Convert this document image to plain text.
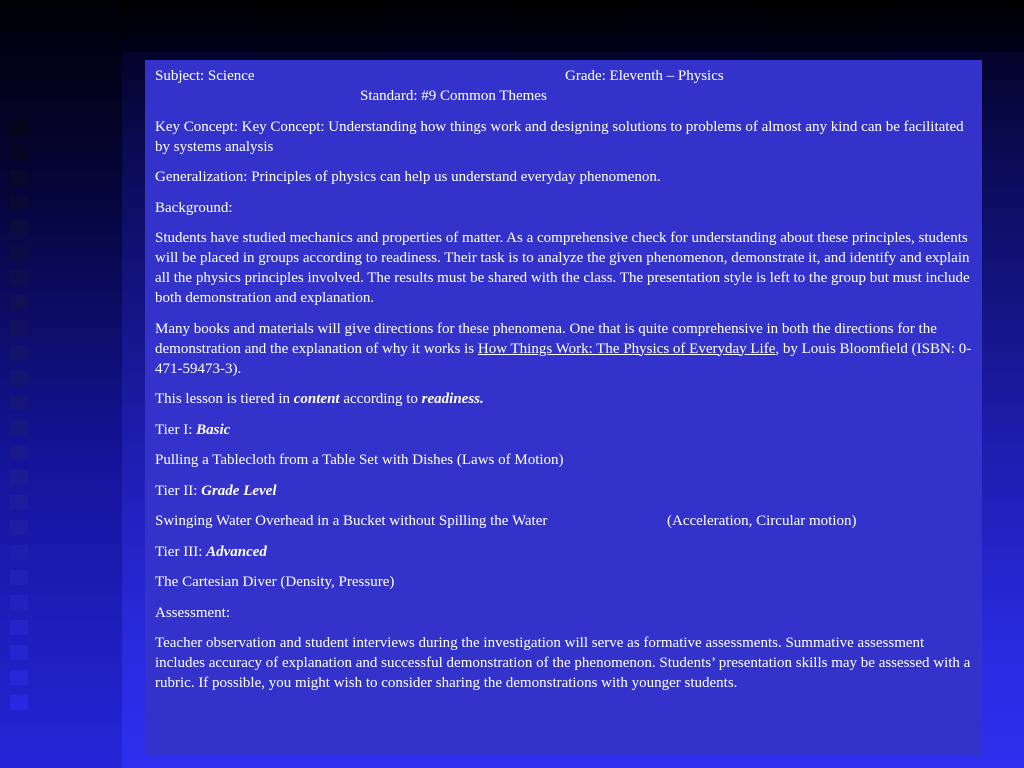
Subject: Science	Grade: Eleventh – Physics
Standard: #9 Common Themes

Key Concept: Key Concept: Understanding how things work and designing solutions to problems of almost any kind can be facilitated by systems analysis

Generalization: Principles of physics can help us understand everyday phenomenon.

Background:

Students have studied mechanics and properties of matter. As a comprehensive check for understanding about these principles, students will be placed in groups according to readiness. Their task is to analyze the given phenomenon, demonstrate it, and identify and explain all the physics principles involved. The results must be shared with the class. The presentation style is left to the group but must include both demonstration and explanation.

Many books and materials will give directions for these phenomena. One that is quite comprehensive in both the directions for the demonstration and the explanation of why it works is How Things Work: The Physics of Everyday Life, by Louis Bloomfield (ISBN: 0-471-59473-3).

This lesson is tiered in content according to readiness.

Tier I: Basic

Pulling a Tablecloth from a Table Set with Dishes (Laws of Motion)

Tier II: Grade Level

Swinging Water Overhead in a Bucket without Spilling the Water	(Acceleration, Circular motion)

Tier III: Advanced

The Cartesian Diver (Density, Pressure)

Assessment:

Teacher observation and student interviews during the investigation will serve as formative assessments. Summative assessment includes accuracy of explanation and successful demonstration of the phenomenon. Students’ presentation skills may be assessed with a rubric. If possible, you might wish to consider sharing the demonstrations with younger students.
